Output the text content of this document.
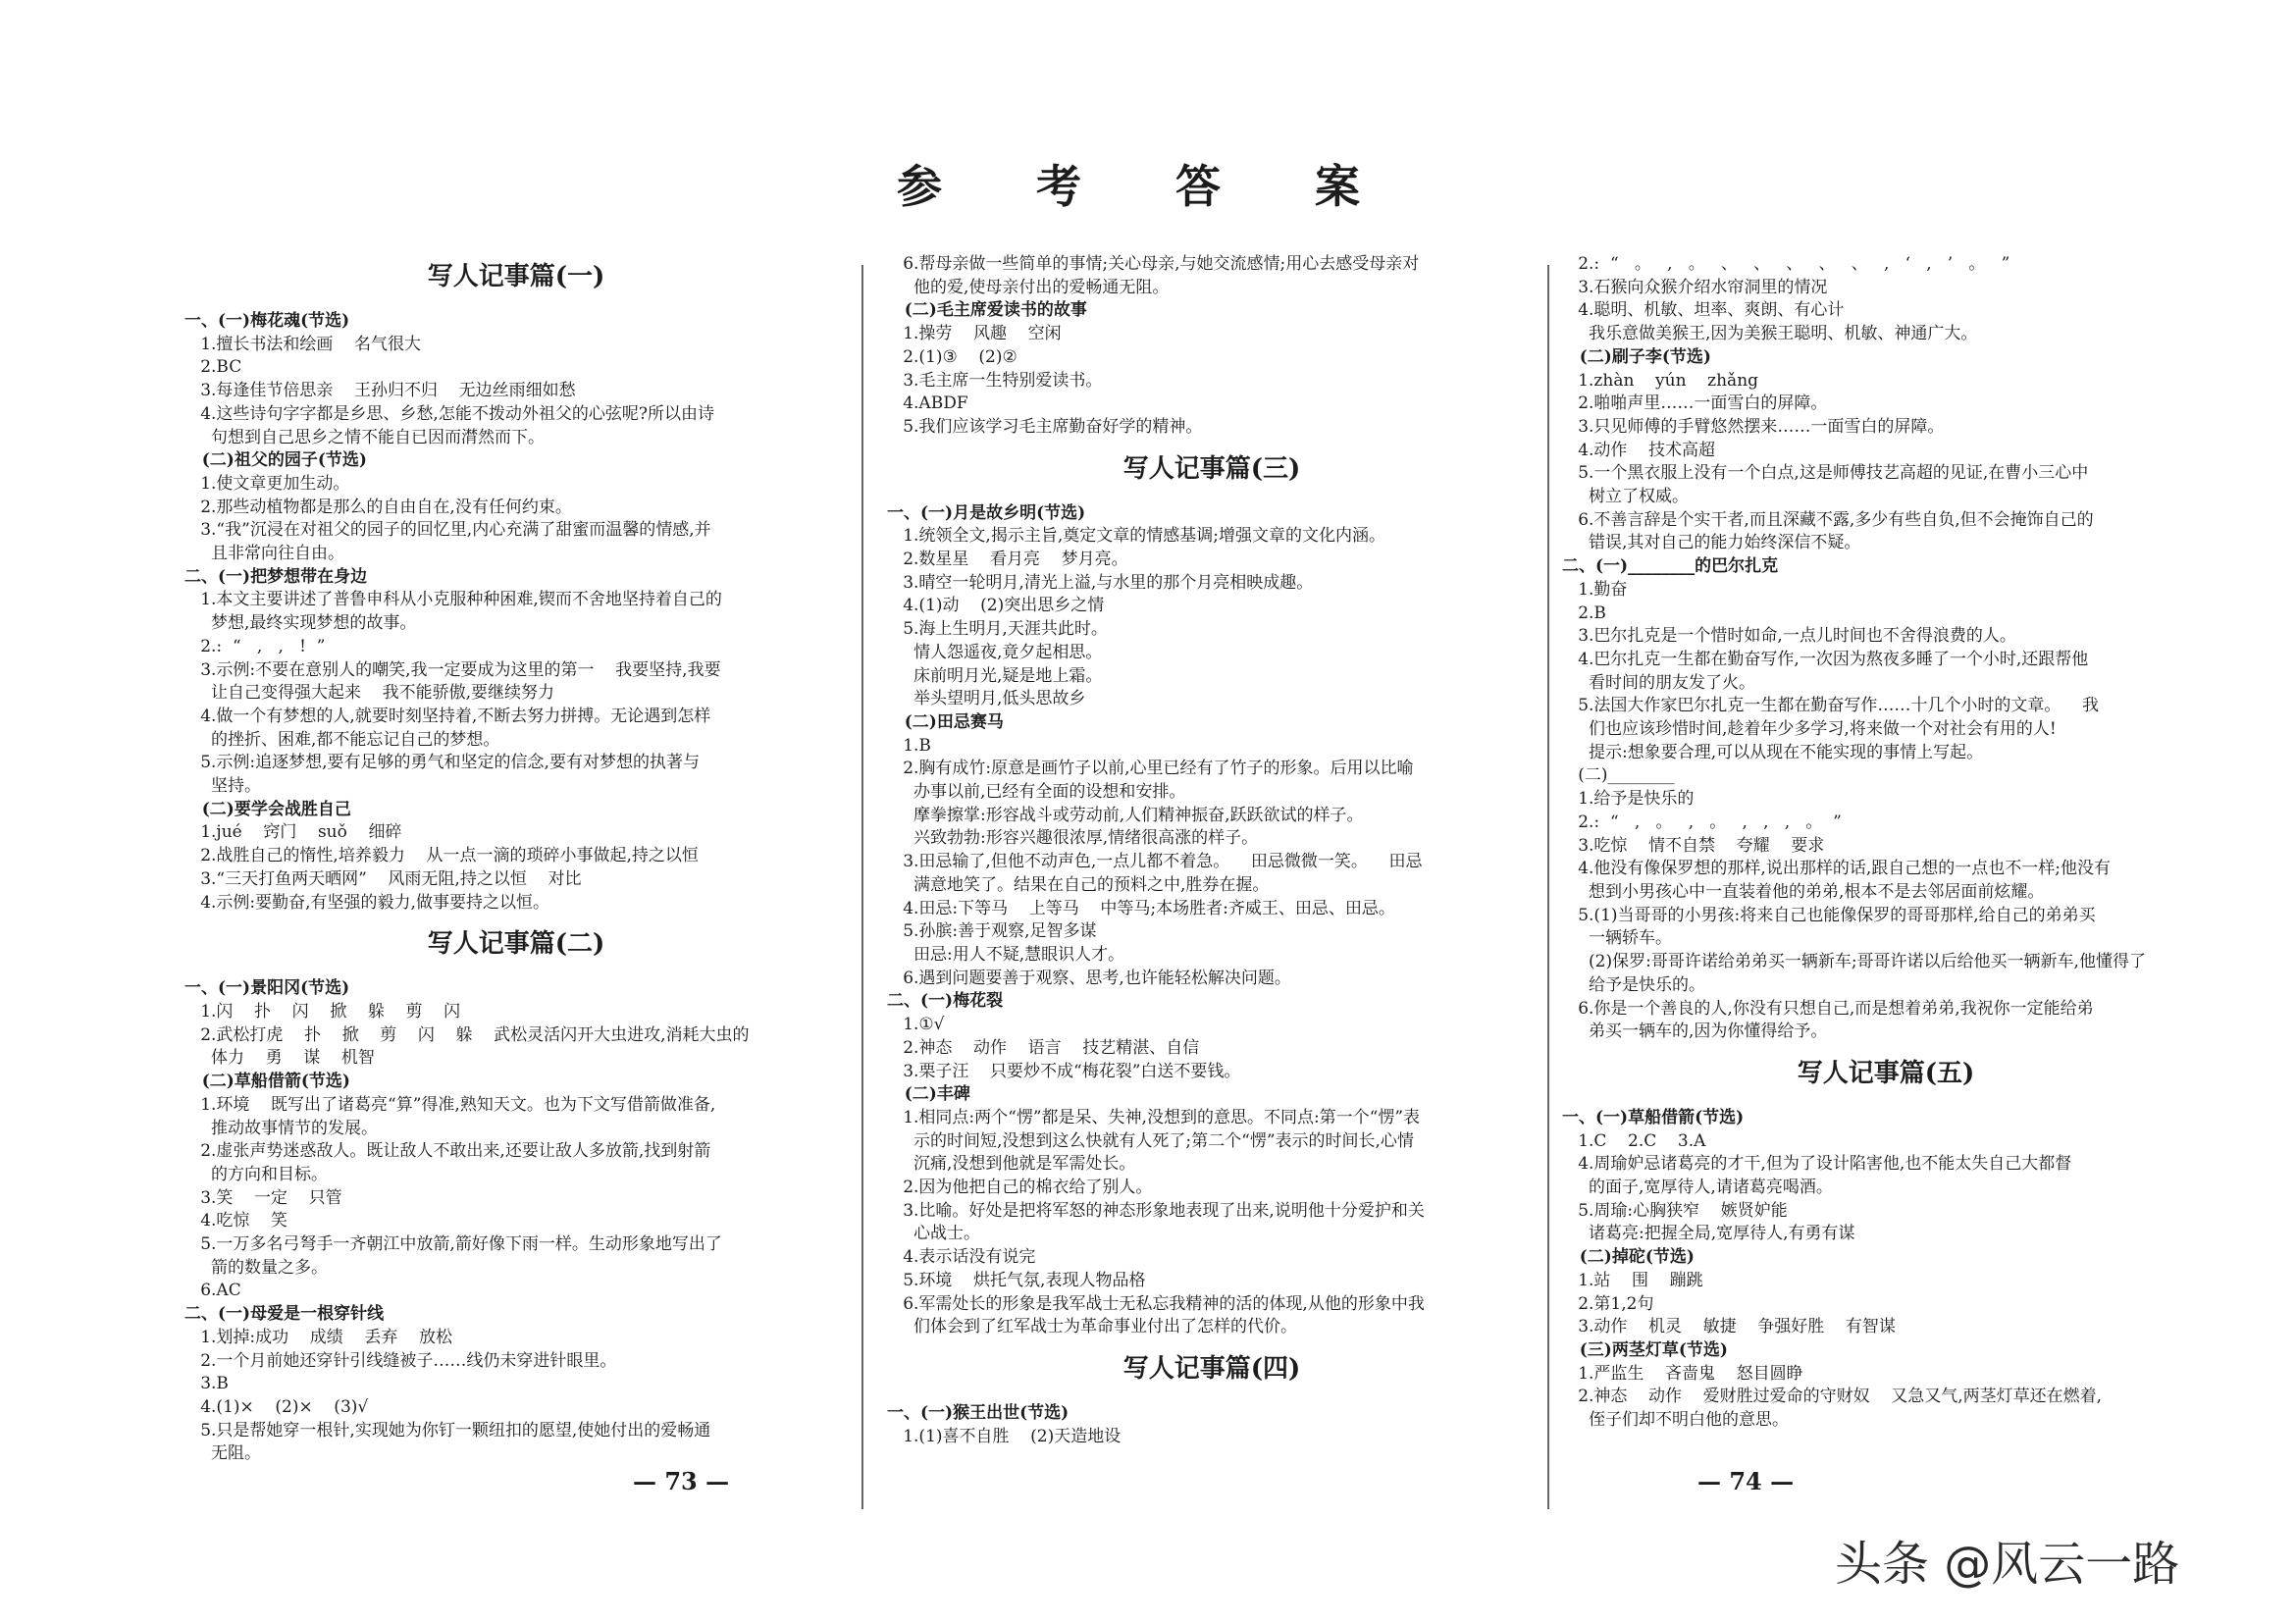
参 考 答 案
写人记事篇(一)
一、(一)梅花魂(节选)
1.擅长书法和绘画    名气很大
2.BC
3.每逢佳节倍思亲    王孙归不归    无边丝雨细如愁
4.这些诗句字字都是乡思、乡愁,怎能不拨动外祖父的心弦呢?所以由诗
句想到自己思乡之情不能自已因而潸然而下。
(二)祖父的园子(节选)
1.使文章更加生动。
2.那些动植物都是那么的自由自在,没有任何约束。
3.“我”沉浸在对祖父的园子的回忆里,内心充满了甜蜜而温馨的情感,并
且非常向往自由。
二、(一)把梦想带在身边
1.本文主要讲述了普鲁申科从小克服种种困难,锲而不舍地坚持着自己的
梦想,最终实现梦想的故事。
2.:  “   ,   ,   !  ”
3.示例:不要在意别人的嘲笑,我一定要成为这里的第一    我要坚持,我要
让自己变得强大起来    我不能骄傲,要继续努力
4.做一个有梦想的人,就要时刻坚持着,不断去努力拼搏。无论遇到怎样
的挫折、困难,都不能忘记自己的梦想。
5.示例:追逐梦想,要有足够的勇气和坚定的信念,要有对梦想的执著与
坚持。
(二)要学会战胜自己
1.jué    窍门    suǒ    细碎
2.战胜自己的惰性,培养毅力    从一点一滴的琐碎小事做起,持之以恒
3.“三天打鱼两天晒网”    风雨无阻,持之以恒    对比
4.示例:要勤奋,有坚强的毅力,做事要持之以恒。
写人记事篇(二)
一、(一)景阳冈(节选)
1.闪    扑    闪    掀    躲    剪    闪
2.武松打虎    扑    掀    剪    闪    躲    武松灵活闪开大虫进攻,消耗大虫的
体力    勇    谋    机智
(二)草船借箭(节选)
1.环境    既写出了诸葛亮“算”得准,熟知天文。也为下文写借箭做准备,
推动故事情节的发展。
2.虚张声势迷惑敌人。既让敌人不敢出来,还要让敌人多放箭,找到射箭
的方向和目标。
3.笑    一定    只管
4.吃惊    笑
5.一万多名弓弩手一齐朝江中放箭,箭好像下雨一样。生动形象地写出了
箭的数量之多。
6.AC
二、(一)母爱是一根穿针线
1.划掉:成功    成绩    丢弃    放松
2.一个月前她还穿针引线缝被子……线仍未穿进针眼里。
3.B
4.(1)×    (2)×    (3)√
5.只是帮她穿一根针,实现她为你钉一颗纽扣的愿望,使她付出的爱畅通
无阻。
6.帮母亲做一些简单的事情;关心母亲,与她交流感情;用心去感受母亲对
他的爱,使母亲付出的爱畅通无阻。
(二)毛主席爱读书的故事
1.操劳    风趣    空闲
2.(1)③    (2)②
3.毛主席一生特别爱读书。
4.ABDF
5.我们应该学习毛主席勤奋好学的精神。
写人记事篇(三)
一、(一)月是故乡明(节选)
1.统领全文,揭示主旨,奠定文章的情感基调;增强文章的文化内涵。
2.数星星    看月亮    梦月亮。
3.晴空一轮明月,清光上溢,与水里的那个月亮相映成趣。
4.(1)动    (2)突出思乡之情
5.海上生明月,天涯共此时。
情人怨遥夜,竟夕起相思。
床前明月光,疑是地上霜。
举头望明月,低头思故乡
(二)田忌赛马
1.B
2.胸有成竹:原意是画竹子以前,心里已经有了竹子的形象。后用以比喻
办事以前,已经有全面的设想和安排。
摩拳擦掌:形容战斗或劳动前,人们精神振奋,跃跃欲试的样子。
兴致勃勃:形容兴趣很浓厚,情绪很高涨的样子。
3.田忌输了,但他不动声色,一点儿都不着急。    田忌微微一笑。    田忌
满意地笑了。结果在自己的预料之中,胜券在握。
4.田忌:下等马    上等马    中等马;本场胜者:齐威王、田忌、田忌。
5.孙膑:善于观察,足智多谋
田忌:用人不疑,慧眼识人才。
6.遇到问题要善于观察、思考,也许能轻松解决问题。
二、(一)梅花裂
1.①√
2.神态    动作    语言    技艺精湛、自信
3.栗子汪    只要炒不成“梅花裂”白送不要钱。
(二)丰碑
1.相同点:两个“愣”都是呆、失神,没想到的意思。不同点:第一个“愣”表
示的时间短,没想到这么快就有人死了;第二个“愣”表示的时间长,心情
沉痛,没想到他就是军需处长。
2.因为他把自己的棉衣给了别人。
3.比喻。好处是把将军怒的神态形象地表现了出来,说明他十分爱护和关
心战士。
4.表示话没有说完
5.环境    烘托气氛,表现人物品格
6.军需处长的形象是我军战士无私忘我精神的活的体现,从他的形象中我
们体会到了红军战士为革命事业付出了怎样的代价。
写人记事篇(四)
一、(一)猴王出世(节选)
1.(1)喜不自胜    (2)天造地设
2.:  “   。   ,   。   、   、   、   、   、   ,   ‘   ,   ’   。   ”
3.石猴向众猴介绍水帘洞里的情况
4.聪明、机敏、坦率、爽朗、有心计
我乐意做美猴王,因为美猴王聪明、机敏、神通广大。
(二)刷子李(节选)
1.zhàn    yún    zhǎng
2.啪啪声里……一面雪白的屏障。
3.只见师傅的手臂悠然摆来……一面雪白的屏障。
4.动作    技术高超
5.一个黑衣服上没有一个白点,这是师傅技艺高超的见证,在曹小三心中
树立了权威。
6.不善言辞是个实干者,而且深藏不露,多少有些自负,但不会掩饰自己的
错误,其对自己的能力始终深信不疑。
二、(一)________的巴尔扎克
1.勤奋
2.B
3.巴尔扎克是一个惜时如命,一点儿时间也不舍得浪费的人。
4.巴尔扎克一生都在勤奋写作,一次因为熬夜多睡了一个小时,还跟帮他
看时间的朋友发了火。
5.法国大作家巴尔扎克一生都在勤奋写作……十几个小时的文章。    我
们也应该珍惜时间,趁着年少多学习,将来做一个对社会有用的人!
提示:想象要合理,可以从现在不能实现的事情上写起。
(二)________
1.给予是快乐的
2.:  “   ,   。   ,   。   ,   ,   ,   。  ”
3.吃惊    情不自禁    夸耀    要求
4.他没有像保罗想的那样,说出那样的话,跟自己想的一点也不一样;他没有
想到小男孩心中一直装着他的弟弟,根本不是去邻居面前炫耀。
5.(1)当哥哥的小男孩:将来自己也能像保罗的哥哥那样,给自己的弟弟买
一辆轿车。
(2)保罗:哥哥许诺给弟弟买一辆新车;哥哥许诺以后给他买一辆新车,他懂得了
给予是快乐的。
6.你是一个善良的人,你没有只想自己,而是想着弟弟,我祝你一定能给弟
弟买一辆车的,因为你懂得给予。
写人记事篇(五)
一、(一)草船借箭(节选)
1.C    2.C    3.A
4.周瑜妒忌诸葛亮的才干,但为了设计陷害他,也不能太失自己大都督
的面子,宽厚待人,请诸葛亮喝酒。
5.周瑜:心胸狭窄    嫉贤妒能
诸葛亮:把握全局,宽厚待人,有勇有谋
(二)掉砣(节选)
1.站    围    蹦跳
2.第1,2句
3.动作    机灵    敏捷    争强好胜    有智谋
(三)两茎灯草(节选)
1.严监生    吝啬鬼    怒目圆睁
2.神态    动作    爱财胜过爱命的守财奴    又急又气,两茎灯草还在燃着,
侄子们却不明白他的意思。
— 73 —	— 74 —
头条 @风云一路
